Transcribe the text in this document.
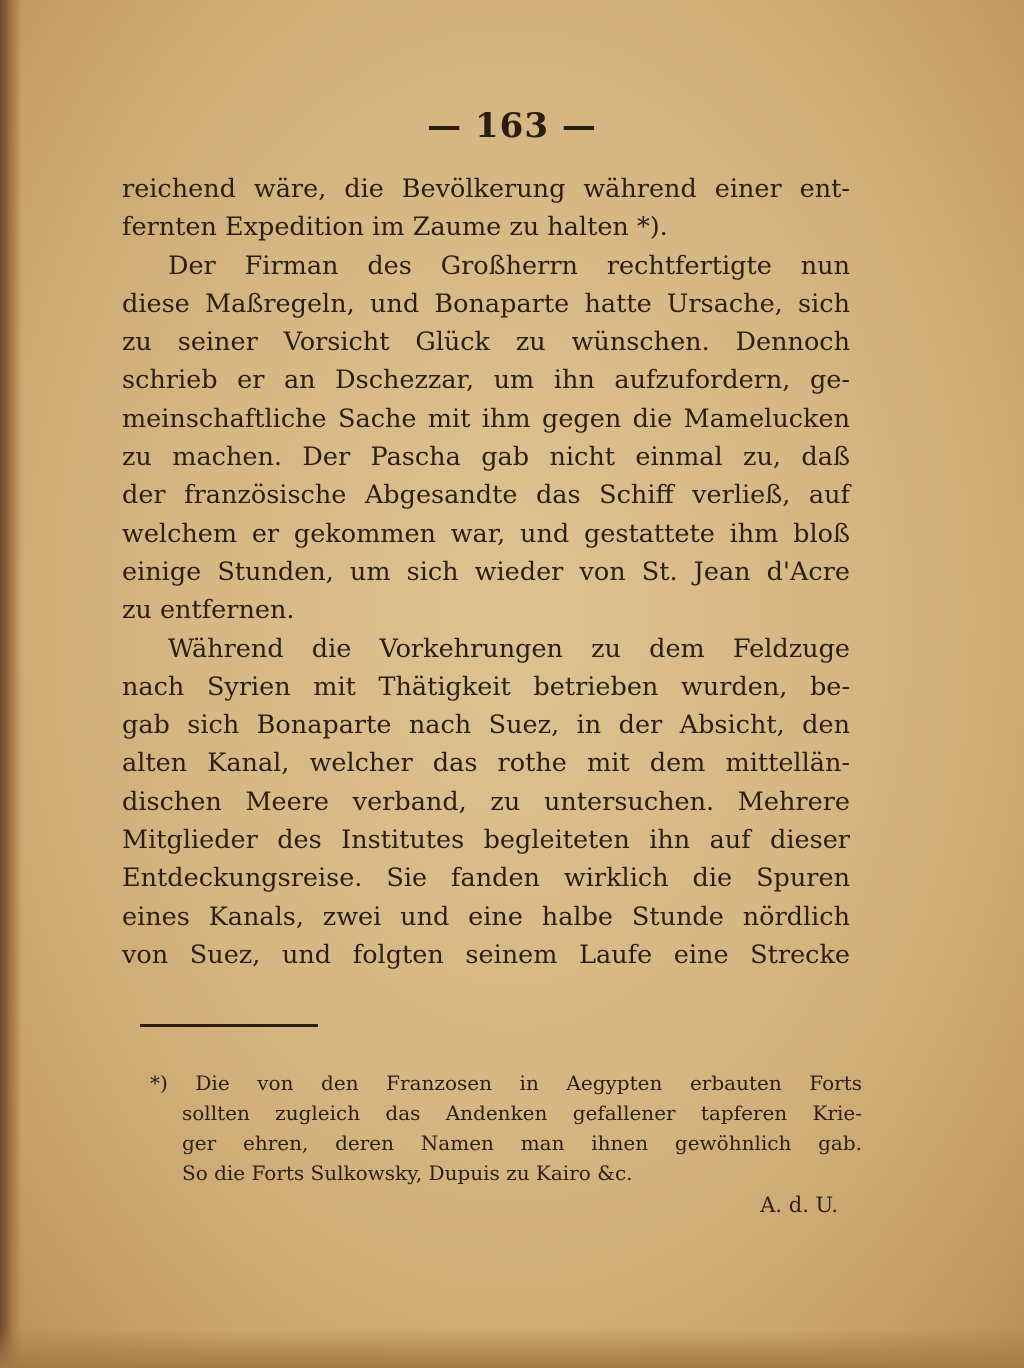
— 163 —
reichend wäre, die Bevölkerung während einer ent-
fernten Expedition im Zaume zu halten *).
Der Firman des Großherrn rechtfertigte nun
diese Maßregeln, und Bonaparte hatte Ursache, sich
zu seiner Vorsicht Glück zu wünschen. Dennoch
schrieb er an Dschezzar, um ihn aufzufordern, ge-
meinschaftliche Sache mit ihm gegen die Mamelucken
zu machen. Der Pascha gab nicht einmal zu, daß
der französische Abgesandte das Schiff verließ, auf
welchem er gekommen war, und gestattete ihm bloß
einige Stunden, um sich wieder von St. Jean d'Acre
zu entfernen.
Während die Vorkehrungen zu dem Feldzuge
nach Syrien mit Thätigkeit betrieben wurden, be-
gab sich Bonaparte nach Suez, in der Absicht, den
alten Kanal, welcher das rothe mit dem mittellän-
dischen Meere verband, zu untersuchen. Mehrere
Mitglieder des Institutes begleiteten ihn auf dieser
Entdeckungsreise. Sie fanden wirklich die Spuren
eines Kanals, zwei und eine halbe Stunde nördlich
von Suez, und folgten seinem Laufe eine Strecke
*) Die von den Franzosen in Aegypten erbauten Forts
sollten zugleich das Andenken gefallener tapferen Krie-
ger ehren, deren Namen man ihnen gewöhnlich gab.
So die Forts Sulkowsky, Dupuis zu Kairo &c.
A. d. U.
